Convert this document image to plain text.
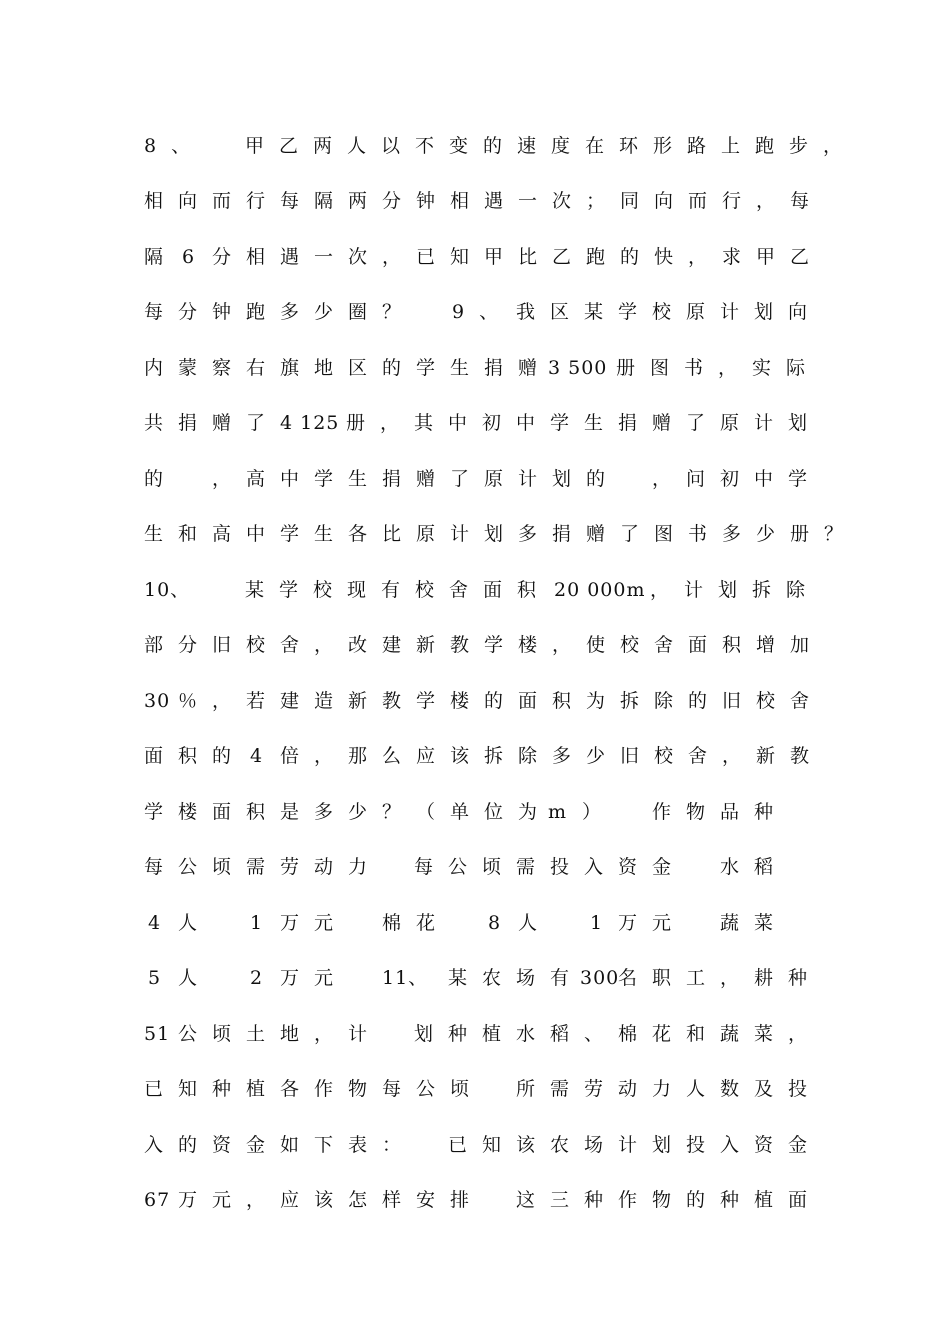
8、 甲乙两人以不变的速度在环形路上跑步，
相向而行每隔两分钟相遇一次；同向而行，每
隔 6 分相遇一次，已知甲比乙跑的快，求甲乙
每分钟跑多少圈？ 9、 我区某学校原计划向
内蒙察右旗地区的学生捐赠
3 500 册图书，实际
共捐赠了 4 125 册，其中初中学生捐赠了原计划
的 ，高中学生捐赠了原计划的 ，问初中学
生和高中学生各比原计划多捐赠了图书多少册？
10、	某学校现有校舍面积 20 000m ，计划拆除
部分旧校舍，改建新教学楼，使校舍面积增加
30 ％，若建造新教学楼的面积为拆除的旧校舍
面积的 4 倍，那么应该拆除多少旧校舍，新教
学楼面积是多少？（单位为
m ） 作物品种
每公顷需劳动力 每公顷需投入资金 水稻
4 人 1 万元 棉花 8 人 1 万元 蔬菜
5 人 2 万元 11、 某农场有
300
名职工，耕种
51 公顷土地，计 划种植水稻、棉花和蔬菜，
已知种植各作物每公顷 所需劳动力人数及投
入的资金如下表： 已知该农场计划投入资金
67 万元，应该怎样安排 这三种作物的种植面
